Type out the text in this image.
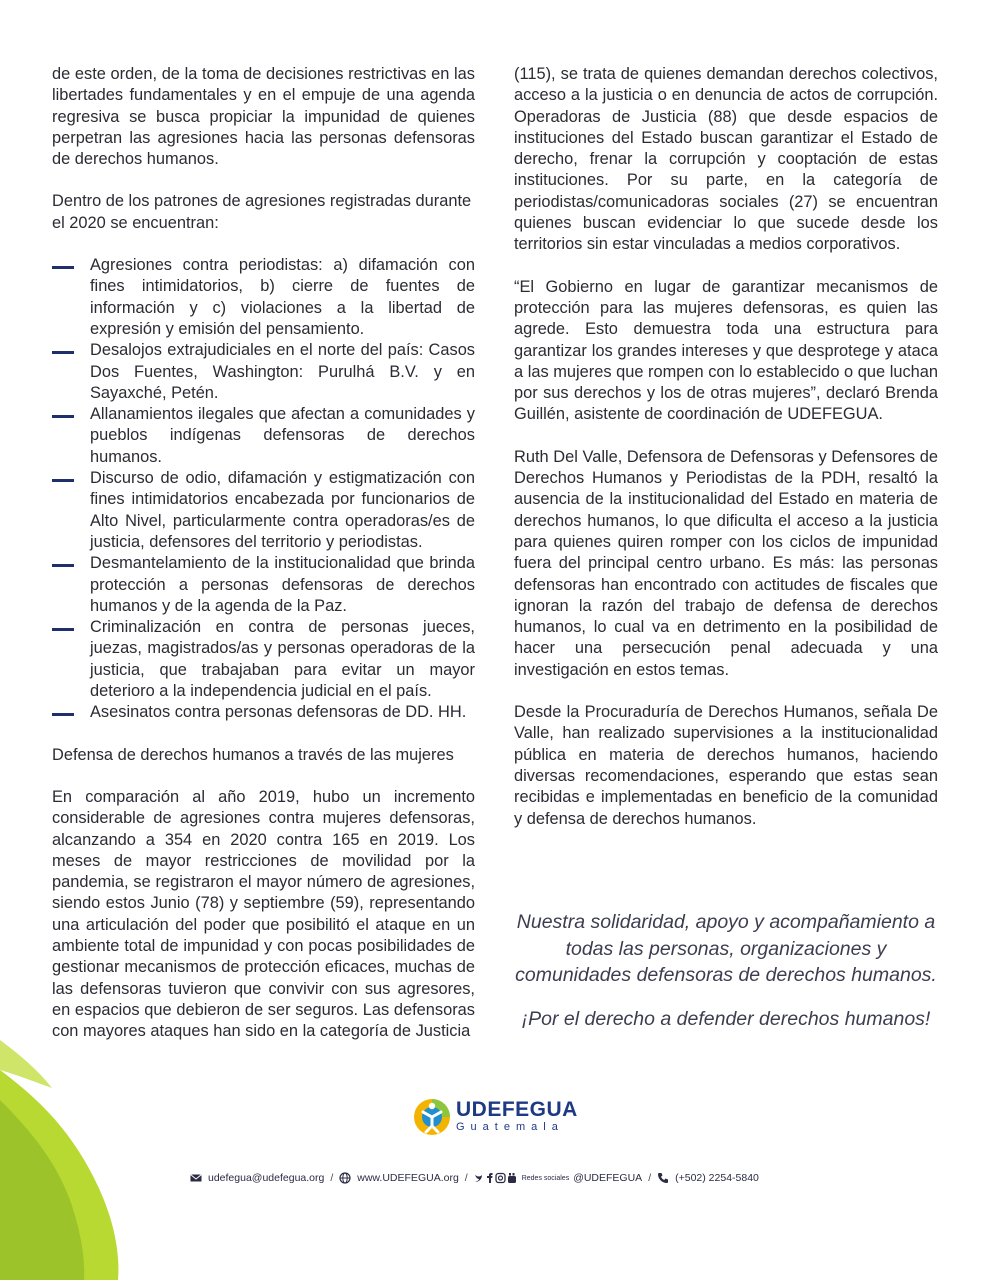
de este orden, de la toma de decisiones restrictivas en las libertades fundamentales y en el empuje de una agenda regresiva se busca propiciar la impunidad de quienes perpetran las agresiones hacia las personas defensoras de derechos humanos.

Dentro de los patrones de agresiones registradas durante el 2020 se encuentran:

Agresiones contra periodistas: a) difamación con fines intimidatorios, b) cierre de fuentes de información y c) violaciones a la libertad de expresión y emisión del pensamiento.
Desalojos extrajudiciales en el norte del país: Casos Dos Fuentes, Washington: Purulhá B.V. y en Sayaxché, Petén.
Allanamientos ilegales que afectan a comunidades y pueblos indígenas defensoras de derechos humanos.
Discurso de odio, difamación y estigmatización con fines intimidatorios encabezada por funcionarios de Alto Nivel, particularmente contra operadoras/es de justicia, defensores del territorio y periodistas.
Desmantelamiento de la institucionalidad que brinda protección a personas defensoras de derechos humanos y de la agenda de la Paz.
Criminalización en contra de personas jueces, juezas, magistrados/as y personas operadoras de la justicia, que trabajaban para evitar un mayor deterioro a la independencia judicial en el país.
Asesinatos contra personas defensoras de DD. HH.

Defensa de derechos humanos a través de las mujeres

En comparación al año 2019, hubo un incremento considerable de agresiones contra mujeres defensoras, alcanzando a 354 en 2020 contra 165 en 2019. Los meses de mayor restricciones de movilidad por la pandemia, se registraron el mayor número de agresiones, siendo estos Junio (78) y septiembre (59), representando una articulación del poder que posibilitó el ataque en un ambiente total de impunidad y con pocas posibilidades de gestionar mecanismos de protección eficaces, muchas de las defensoras tuvieron que convivir con sus agresores, en espacios que debieron de ser seguros. Las defensoras con mayores ataques han sido en la categoría de Justicia

(115), se trata de quienes demandan derechos colectivos, acceso a la justicia o en denuncia de actos de corrupción. Operadoras de Justicia (88) que desde espacios de instituciones del Estado buscan garantizar el Estado de derecho, frenar la corrupción y cooptación de estas instituciones. Por su parte, en la categoría de periodistas/comunicadoras sociales (27) se encuentran quienes buscan evidenciar lo que sucede desde los territorios sin estar vinculadas a medios corporativos.

“El Gobierno en lugar de garantizar mecanismos de protección para las mujeres defensoras, es quien las agrede. Esto demuestra toda una estructura para garantizar los grandes intereses y que desprotege y ataca a las mujeres que rompen con lo establecido o que luchan por sus derechos y los de otras mujeres”, declaró Brenda Guillén, asistente de coordinación de UDEFEGUA.

Ruth Del Valle, Defensora de Defensoras y Defensores de Derechos Humanos y Periodistas de la PDH, resaltó la ausencia de la institucionalidad del Estado en materia de derechos humanos, lo que dificulta el acceso a la justicia para quienes quiren romper con los ciclos de impunidad fuera del principal centro urbano. Es más: las personas defensoras han encontrado con actitudes de fiscales que ignoran la razón del trabajo de defensa de derechos humanos, lo cual va en detrimento en la posibilidad de hacer una persecución penal adecuada y una investigación en estos temas.

Desde la Procuraduría de Derechos Humanos, señala De Valle, han realizado supervisiones a la institucionalidad pública en materia de derechos humanos, haciendo diversas recomendaciones, esperando que estas sean recibidas e implementadas en beneficio de la comunidad y defensa de derechos humanos.

Nuestra solidaridad, apoyo y acompañamiento a todas las personas, organizaciones y comunidades defensoras de derechos humanos.

¡Por el derecho a defender derechos humanos!

UDEFEGUA
Guatemala
udefegua@udefegua.org / www.UDEFEGUA.org /	Redes sociales @UDEFEGUA / (+502) 2254-5840
